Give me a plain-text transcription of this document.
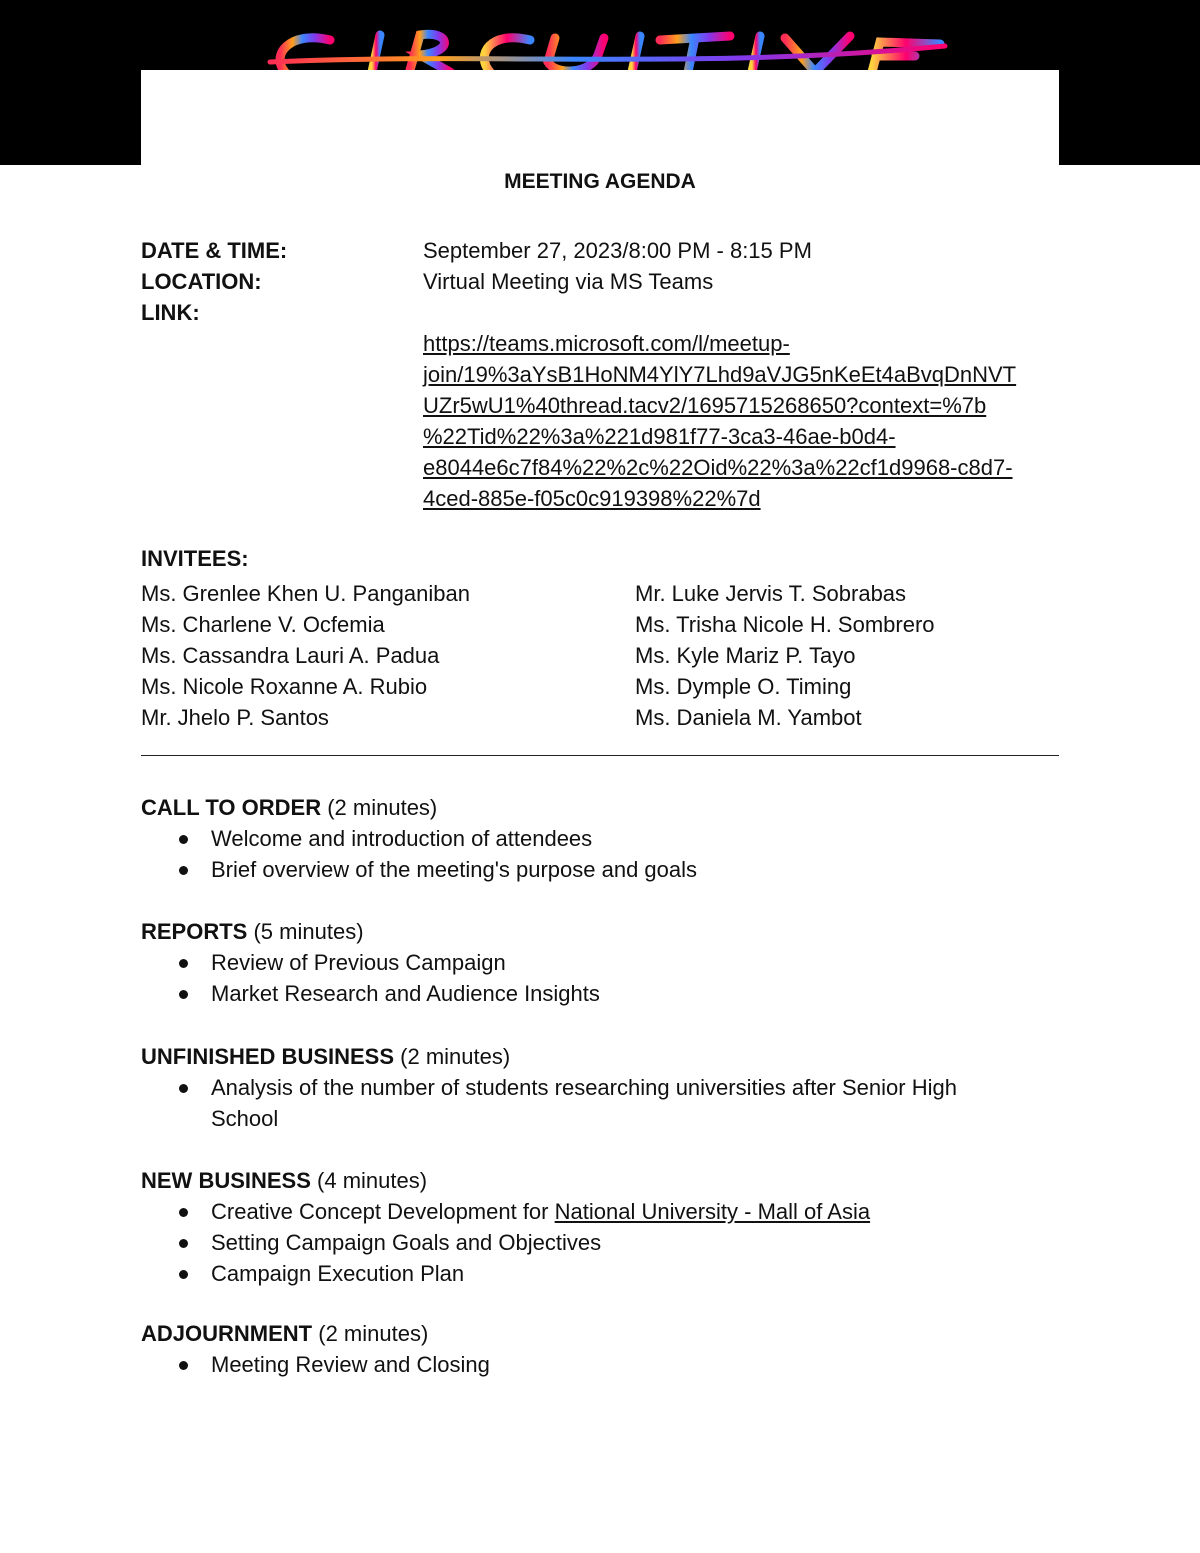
MEETING AGENDA
DATE & TIME:	September 27, 2023/8:00 PM - 8:15 PM
LOCATION:	Virtual Meeting via MS Teams
LINK:
https://teams.microsoft.com/l/meetup-
join/19%3aYsB1HoNM4YlY7Lhd9aVJG5nKeEt4aBvqDnNVT
UZr5wU1%40thread.tacv2/1695715268650?context=%7b
%22Tid%22%3a%221d981f77-3ca3-46ae-b0d4-
e8044e6c7f84%22%2c%22Oid%22%3a%22cf1d9968-c8d7-
4ced-885e-f05c0c919398%22%7d
INVITEES:
Ms. Grenlee Khen U. Panganiban
Ms. Charlene V. Ocfemia
Ms. Cassandra Lauri A. Padua
Ms. Nicole Roxanne A. Rubio
Mr. Jhelo P. Santos
Mr. Luke Jervis T. Sobrabas
Ms. Trisha Nicole H. Sombrero
Ms. Kyle Mariz P. Tayo
Ms. Dymple O. Timing
Ms. Daniela M. Yambot
CALL TO ORDER (2 minutes)
Welcome and introduction of attendees
Brief overview of the meeting's purpose and goals
REPORTS (5 minutes)
Review of Previous Campaign
Market Research and Audience Insights
UNFINISHED BUSINESS (2 minutes)
Analysis of the number of students researching universities after Senior High
School
NEW BUSINESS (4 minutes)
Creative Concept Development for National University - Mall of Asia
Setting Campaign Goals and Objectives
Campaign Execution Plan
ADJOURNMENT (2 minutes)
Meeting Review and Closing
